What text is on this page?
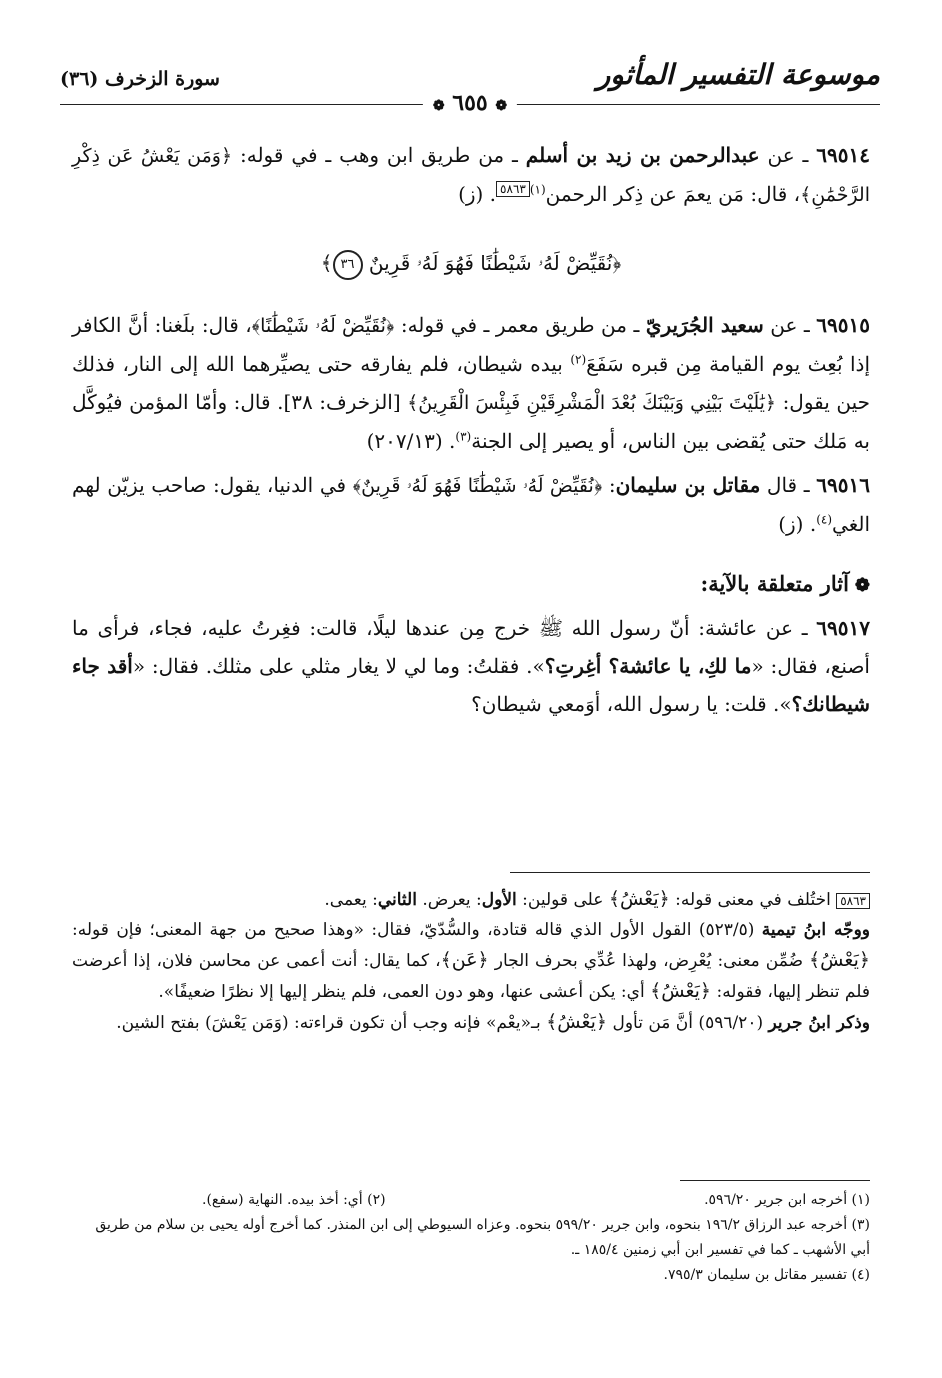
موسوعة التفسير المأثور
سورة الزخرف (٣٦)
❁ ٦٥٥ ❁

٦٩٥١٤ ـ عن عبدالرحمن بن زيد بن أسلم ـ من طريق ابن وهب ـ في قوله: ﴿وَمَن يَعْشُ عَن ذِكْرِ الرَّحْمَٰنِ﴾، قال: مَن يعمَ عن ذِكر الرحمن$^{(١)}$٥٨٦٣. (ز)

﴿نُقَيِّضْ لَهُۥ شَيْطَٰنًا فَهُوَ لَهُۥ قَرِينٌ ٣٦﴾

٦٩٥١٥ ـ عن سعيد الجُرَيريّ ـ من طريق معمر ـ في قوله: ﴿نُقَيِّضْ لَهُۥ شَيْطَٰنًا﴾، قال: بلَغنا: أنَّ الكافر إذا بُعِث يوم القيامة مِن قبره سَفَعَ$^{(٢)}$ بيده شيطان، فلم يفارقه حتى يصيِّرهما الله إلى النار، فذلك حين يقول: ﴿يَٰلَيْتَ بَيْنِي وَبَيْنَكَ بُعْدَ الْمَشْرِقَيْنِ فَبِئْسَ الْقَرِينُ﴾ [الزخرف: ٣٨]. قال: وأمّا المؤمن فيُوكَّل به مَلك حتى يُقضى بين الناس، أو يصير إلى الجنة$^{(٣)}$. (٢٠٧/١٣)

٦٩٥١٦ ـ قال مقاتل بن سليمان: ﴿نُقَيِّضْ لَهُۥ شَيْطَٰنًا فَهُوَ لَهُۥ قَرِينٌ﴾ في الدنيا، يقول: صاحب يزيّن لهم الغي$^{(٤)}$. (ز)

❁آثار متعلقة بالآية:

٦٩٥١٧ ـ عن عائشة: أنّ رسول الله ﷺ خرج مِن عندها ليلًا، قالت: فغِرتُ عليه، فجاء، فرأى ما أصنع، فقال: «ما لكِ، يا عائشة؟ أغِرتِ؟». فقلتُ: وما لي لا يغار مثلي على مثلك. فقال: «أقد جاء شيطانك؟». قلت: يا رسول الله، أوَمعي شيطان؟

٥٨٦٣ اختُلف في معنى قوله: ﴿يَعْشُ﴾ على قولين: الأول: يعرض. الثاني: يعمى.
ووجّه ابنُ تيمية (٥٢٣/٥) القول الأول الذي قاله قتادة، والسُّدّيّ، فقال: «وهذا صحيح من جهة المعنى؛ فإن قوله: ﴿يَعْشُ﴾ ضُمِّن معنى: يُعْرِض، ولهذا عُدِّي بحرف الجار ﴿عَن﴾، كما يقال: أنت أعمى عن محاسن فلان، إذا أعرضت فلم تنظر إليها، فقوله: ﴿يَعْشُ﴾ أي: يكن أعشى عنها، وهو دون العمى، فلم ينظر إليها إلا نظرًا ضعيفًا».
وذكر ابنُ جرير (٥٩٦/٢٠) أنَّ مَن تأول ﴿يَعْشُ﴾ بـ«يعْم» فإنه وجب أن تكون قراءته: (وَمَن يَعْشَ) بفتح الشين.
(١) أخرجه ابن جرير ٥٩٦/٢٠.
(٢) أي: أخذ بيده. النهاية (سفع).
(٣) أخرجه عبد الرزاق ١٩٦/٢ بنحوه، وابن جرير ٥٩٩/٢٠ بنحوه. وعزاه السيوطي إلى ابن المنذر. كما أخرج أوله يحيى بن سلام من طريق أبي الأشهب ـ كما في تفسير ابن أبي زمنين ١٨٥/٤ ـ.
(٤) تفسير مقاتل بن سليمان ٧٩٥/٣.
